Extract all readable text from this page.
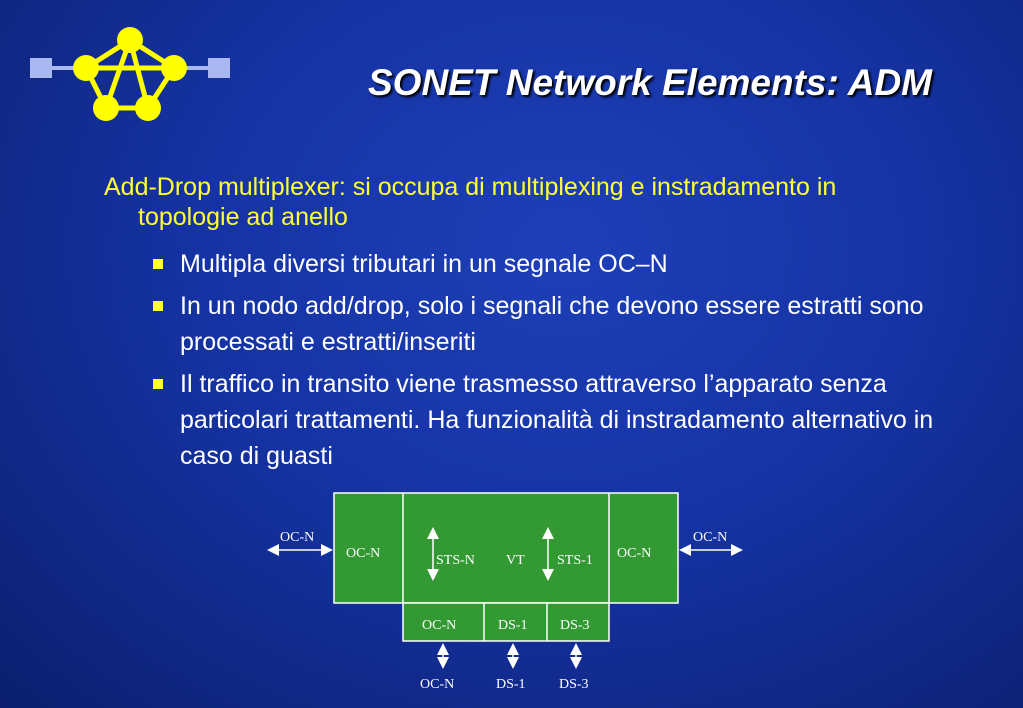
SONET Network Elements: ADM
Add-Drop multiplexer: si occupa di multiplexing e instradamento in topologie ad anello
Multipla diversi tributari in un segnale OC–N
In un nodo add/drop, solo i segnali che devono essere estratti sono processati e estratti/inseriti
Il traffico in transito viene trasmesso attraverso l’apparato senza particolari trattamenti. Ha funzionalità di instradamento alternativo in caso di guasti
OC-N	OC-N
STS-N VT STS-1
OC-N	OC-N
OC-N	DS-1 DS-3
OC-N	DS-1 DS-3
